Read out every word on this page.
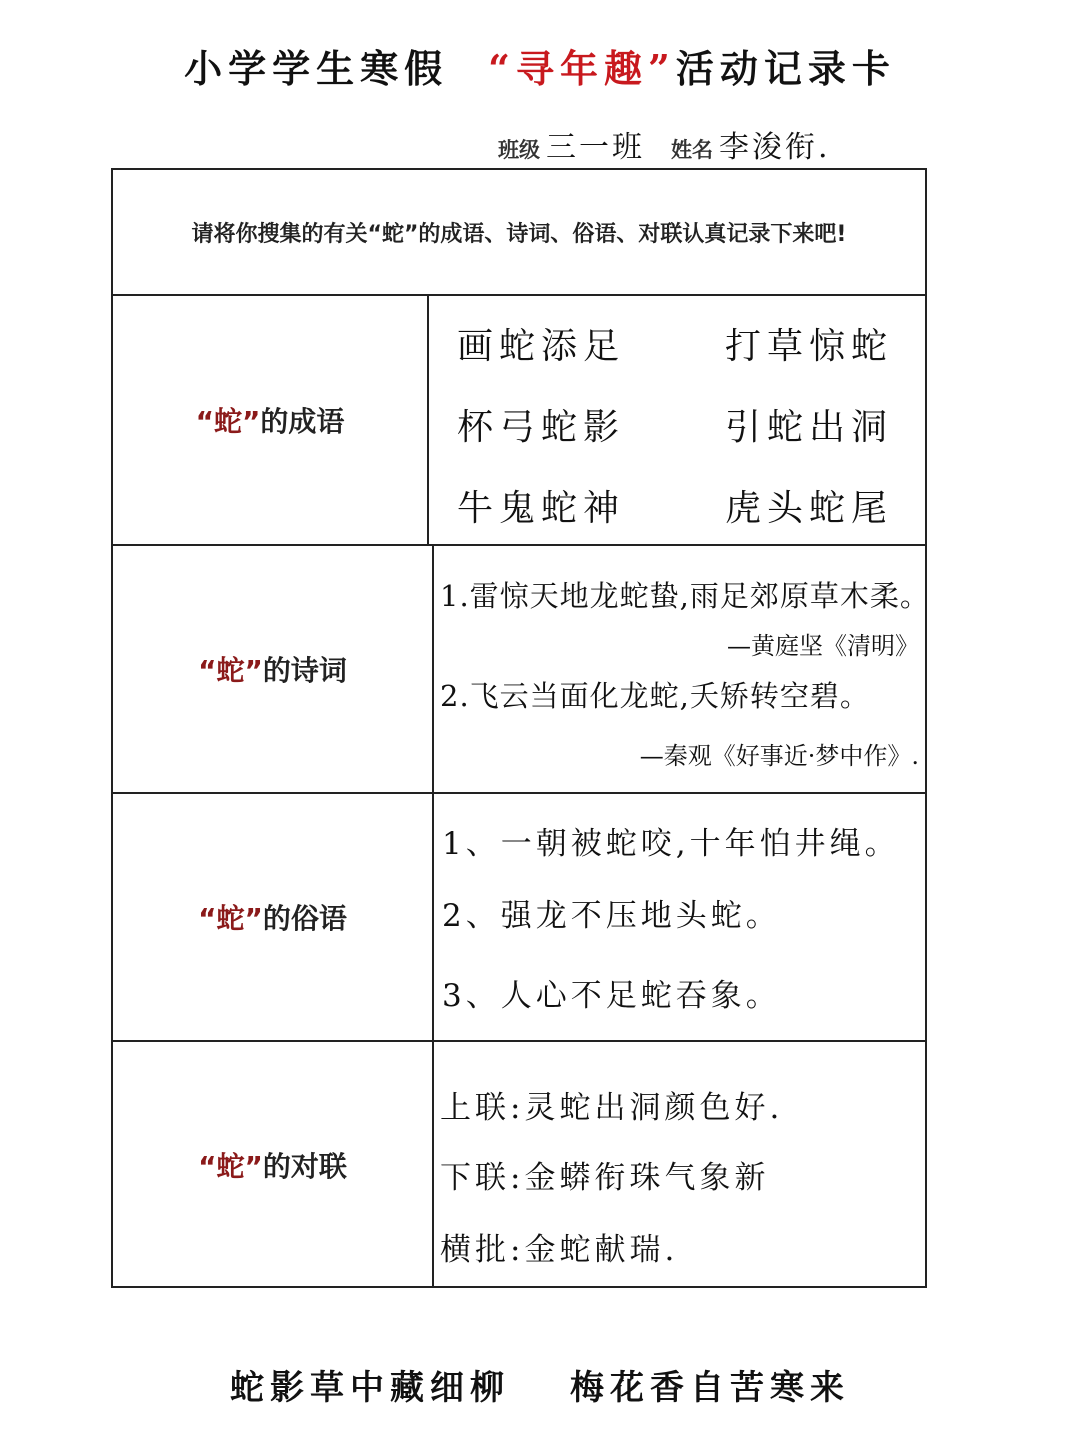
小学学生寒假 “寻年趣”活动记录卡
班级 三一班 姓名 李浚衔.
请将你搜集的有关“蛇”的成语、诗词、俗语、对联认真记录下来吧!
“蛇” 的成语
画蛇添足	打草惊蛇
杯弓蛇影	引蛇出洞
牛鬼蛇神	虎头蛇尾
“蛇” 的诗词
1.雷惊天地龙蛇蛰,雨足郊原草木柔。
—黄庭坚《清明》
2.飞云当面化龙蛇,夭矫转空碧。
—秦观《好事近·梦中作》.
“蛇” 的俗语
1、一朝被蛇咬,十年怕井绳。
2、强龙不压地头蛇。
3、人心不足蛇吞象。
“蛇” 的对联
上联:灵蛇出洞颜色好.
下联:金蟒衔珠气象新
横批:金蛇献瑞.
蛇影草中藏细柳 梅花香自苦寒来
